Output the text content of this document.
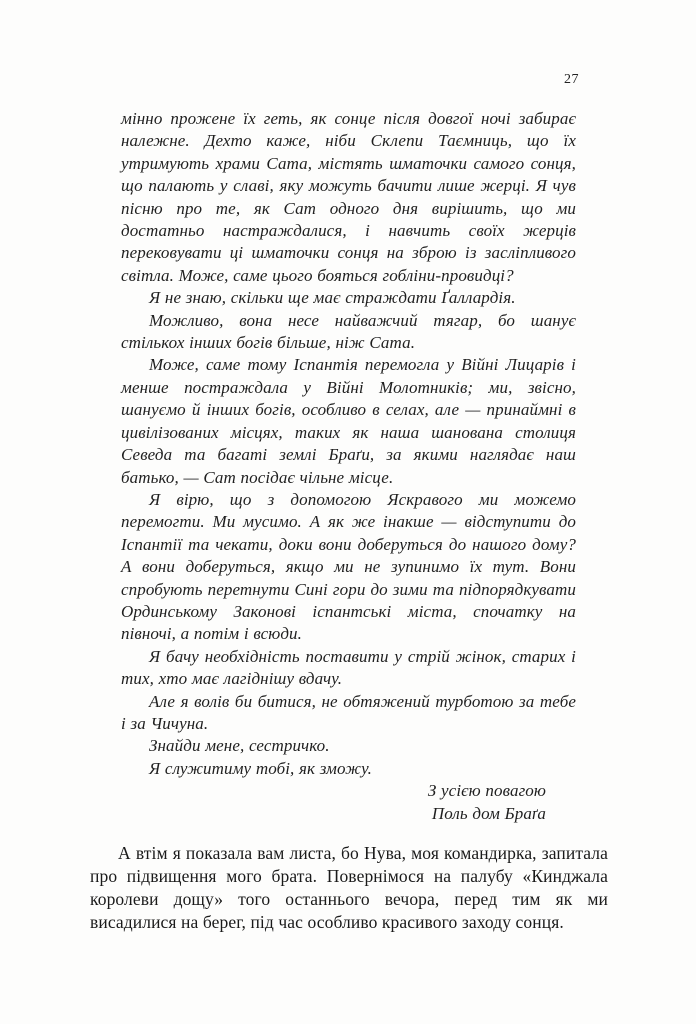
27

мінно прожене їх геть, як сонце після довгої ночі забирає належне. Дехто каже, ніби Склепи Таємниць, що їх утримують храми Сата, містять шматочки самого сонця, що палають у славі, яку можуть бачити лише жерці. Я чув пісню про те, як Сат одного дня вирішить, що ми достатньо настраждалися, і навчить своїх жерців перековувати ці шматочки сонця на зброю із засліпливого світла. Може, саме цього бояться гобліни-провидці?

Я не знаю, скільки ще має страждати Ґаллардія.

Можливо, вона несе найважчий тягар, бо шанує стількох інших богів більше, ніж Сата.

Може, саме тому Іспантія перемогла у Війні Лицарів і менше постраждала у Війні Молотників; ми, звісно, шануємо й інших богів, особливо в селах, але — принаймні в цивілізованих місцях, таких як наша шанована столиця Севеда та багаті землі Браґи, за якими наглядає наш батько, — Сат посідає чільне місце.

Я вірю, що з допомогою Яскравого ми можемо перемогти. Ми мусимо. А як же інакше — відступити до Іспантії та чекати, доки вони доберуться до нашого дому? А вони доберуться, якщо ми не зупинимо їх тут. Вони спробують перетнути Сині гори до зими та підпорядкувати Ординському Законові іспантські міста, спочатку на півночі, а потім і всюди.

Я бачу необхідність поставити у стрій жінок, старих і тих, хто має лагіднішу вдачу.

Але я волів би битися, не обтяжений турботою за тебе і за Чичуна.

Знайди мене, сестричко.

Я служитиму тобі, як зможу.

З усією повагою

Поль дом Браґа

А втім я показала вам листа, бо Нува, моя командирка, запитала про підвищення мого брата. Повернімося на палубу «Кинджала королеви дощу» того останнього вечора, перед тим як ми висадилися на берег, під час особливо красивого заходу сонця.
